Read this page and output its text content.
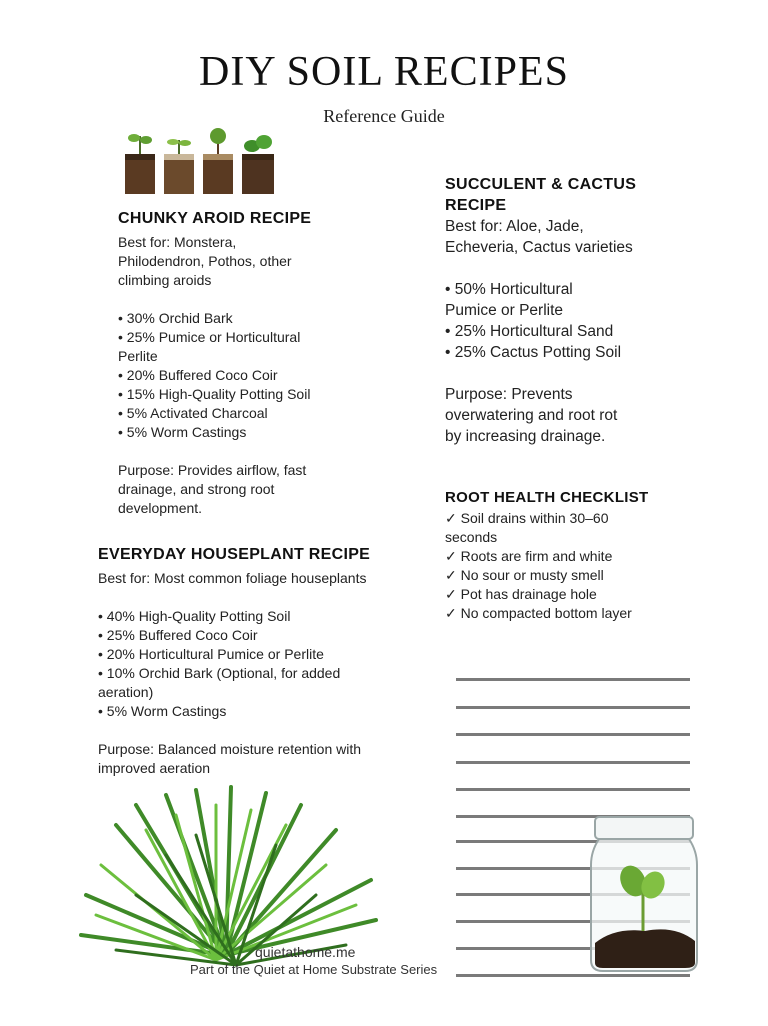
DIY SOIL RECIPES
Reference Guide
CHUNKY AROID RECIPE

Best for: Monstera,

Philodendron, Pothos, other

climbing aroids

• 30% Orchid Bark

• 25% Pumice or Horticultural

Perlite

• 20% Buffered Coco Coir

• 15% High-Quality Potting Soil

• 5% Activated Charcoal

• 5% Worm Castings

Purpose: Provides airflow, fast

drainage, and strong root

development.

EVERYDAY HOUSEPLANT RECIPE

Best for: Most common foliage houseplants

• 40% High-Quality Potting Soil

• 25% Buffered Coco Coir

• 20% Horticultural Pumice or Perlite

• 10% Orchid Bark (Optional, for added

aeration)

• 5% Worm Castings

Purpose: Balanced moisture retention with

improved aeration

SUCCULENT & CACTUS

RECIPE

Best for: Aloe, Jade,

Echeveria, Cactus varieties

• 50% Horticultural

Pumice or Perlite

• 25% Horticultural Sand

• 25% Cactus Potting Soil

Purpose: Prevents

overwatering and root rot

by increasing drainage.

ROOT HEALTH CHECKLIST

✓ Soil drains within 30–60

seconds

✓ Roots are firm and white

✓ No sour or musty smell

✓ Pot has drainage hole

✓ No compacted bottom layer

quietathome.me
Part of the Quiet at Home Substrate Series
